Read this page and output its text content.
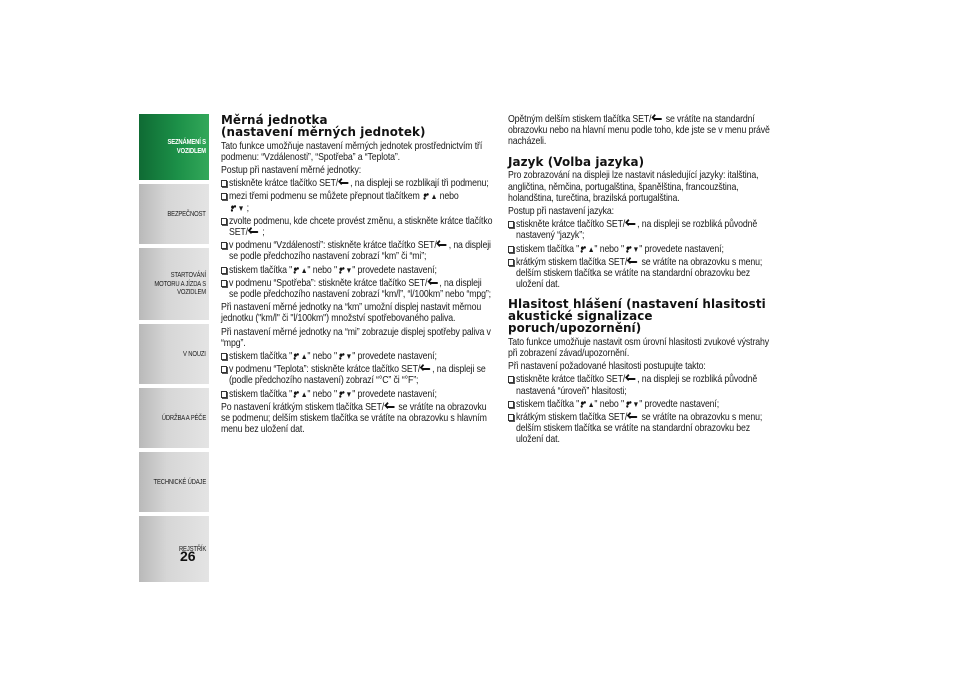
SEZNÁMENÍ S
VOZIDLEM
BEZPEČNOST
STARTOVÁNÍ
MOTORU A JÍZDA S
VOZIDLEM
V NOUZI
ÚDRŽBA A PÉČE
TECHNICKÉ ÚDAJE
REJSTŘÍK
26
Měrná jednotka
(nastavení měrných jednotek)

Tato funkce umožňuje nastavení měrných jednotek prostřednictvím tří podmenu: “Vzdálenosti”, “Spotřeba” a “Teplota”.

Postup při nastavení měrné jednotky:

stiskněte krátce tlačítko SET/ , na displeji se rozblikají tři podmenu;
mezi třemi podmenu se můžete přepnout tlačítkem ▲ nebo
▼ ;
zvolte podmenu, kde chcete provést změnu, a stiskněte krátce tlačítko SET/ ;
v podmenu “Vzdálenosti”: stiskněte krátce tlačítko SET/ , na displeji se podle předchozího nastavení zobrazí “km” či “mi”;
stiskem tlačítka " ▲" nebo " ▼" provedete nastavení;
v podmenu “Spotřeba”: stiskněte krátce tlačítko SET/ , na displeji se podle předchozího nastavení zobrazí “km/l”, “l/100km” nebo “mpg”;

Při nastavení měrné jednotky na “km” umožní displej nastavit měrnou jednotku ("km/l" či "l/100km") množství spotřebovaného paliva.

Při nastavení měrné jednotky na “mi” zobrazuje displej spotřeby paliva v “mpg”.

stiskem tlačítka " ▲" nebo " ▼" provedete nastavení;
v podmenu “Teplota”: stiskněte krátce tlačítko SET/ , na displeji se (podle předchozího nastavení) zobrazí “°C” či “°F”;
stiskem tlačítka " ▲" nebo " ▼" provedete nastavení;

Po nastavení krátkým stiskem tlačítka SET/ se vrátíte na obrazovku se podmenu; delším stiskem tlačítka se vrátíte na obrazovku s hlavním menu bez uložení dat.

Opětným delším stiskem tlačítka SET/ se vrátíte na standardní obrazovku nebo na hlavní menu podle toho, kde jste se v menu právě nacházeli.

Jazyk (Volba jazyka)

Pro zobrazování na displeji lze nastavit následující jazyky: italština, angličtina, němčina, portugalština, španělština, francouzština, holandština, turečtina, brazilská portugalština.

Postup při nastavení jazyka:

stiskněte krátce tlačítko SET/ , na displeji se rozbliká původně nastavený “jazyk”;
stiskem tlačítka " ▲" nebo " ▼" provedete nastavení;
krátkým stiskem tlačítka SET/ se vrátíte na obrazovku s menu; delším stiskem tlačítka se vrátíte na standardní obrazovku bez uložení dat.
Hlasitost hlášení (nastavení hlasitosti
akustické signalizace
poruch/upozornění)

Tato funkce umožňuje nastavit osm úrovní hlasitosti zvukové výstrahy při zobrazení závad/upozornění.

Při nastavení požadované hlasitosti postupujte takto:

stiskněte krátce tlačítko SET/ , na displeji se rozbliká původně nastavená “úroveň” hlasitosti;
stiskem tlačítka " ▲" nebo " ▼" provedte nastavení;
krátkým stiskem tlačítka SET/ se vrátíte na obrazovku s menu; delším stiskem tlačítka se vrátíte na standardní obrazovku bez uložení dat.
